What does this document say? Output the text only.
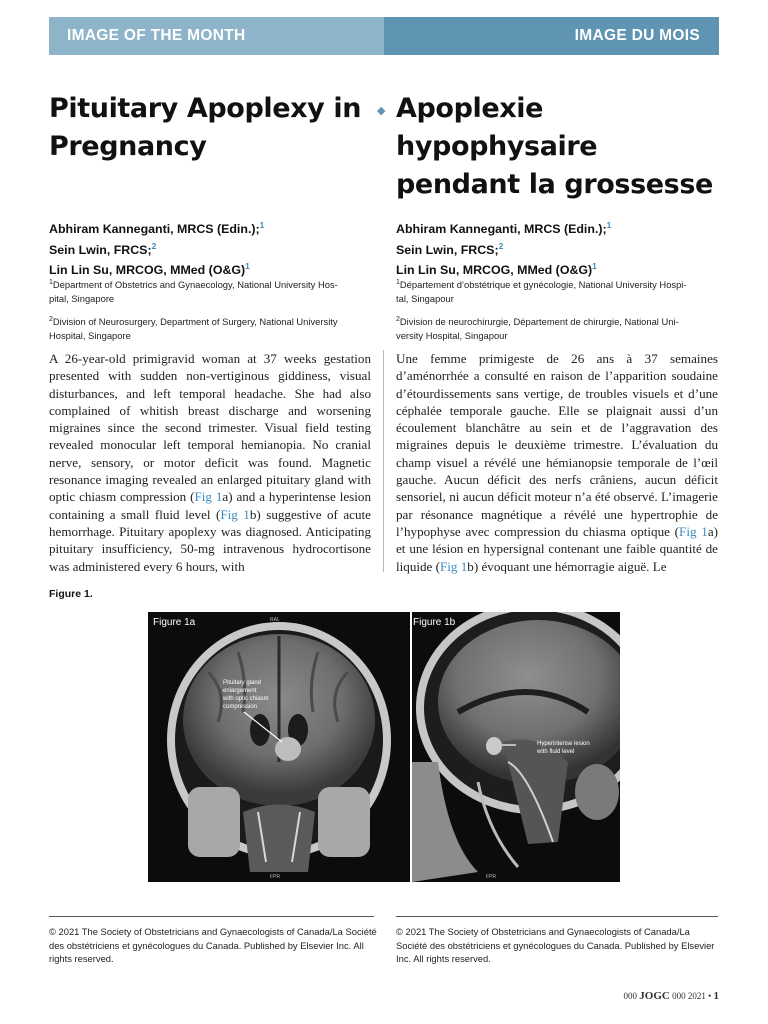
IMAGE OF THE MONTH	IMAGE DU MOIS
Pituitary Apoplexy in
Pregnancy
◆ Apoplexie
hypophysaire
pendant la grossesse
Abhiram Kanneganti, MRCS (Edin.);$^1$
Sein Lwin, FRCS;$^2$
Lin Lin Su, MRCOG, MMed (O&G)$^1$
Abhiram Kanneganti, MRCS (Edin.);$^1$
Sein Lwin, FRCS;$^2$
Lin Lin Su, MRCOG, MMed (O&G)$^1$

$^1$Department of Obstetrics and Gynaecology, National University Hos-
pital, Singapore

$^2$Division of Neurosurgery, Department of Surgery, National University
Hospital, Singapore

$^1$Département d’obstétrique et gynécologie, National University Hospi-
tal, Singapour

$^2$Division de neurochirurgie, Département de chirurgie, National Uni-
versity Hospital, Singapour

A 26-year-old primigravid woman at 37 weeks gestation presented with sudden non-vertiginous giddiness, visual disturbances, and left temporal headache. She had also complained of whitish breast discharge and worsening migraines since the second trimester. Visual field testing revealed monocular left temporal hemianopia. No cranial nerve, sensory, or motor deficit was found. Magnetic resonance imaging revealed an enlarged pituitary gland with optic chiasm compression (Fig 1a) and a hyperintense lesion containing a small fluid level (Fig 1b) suggestive of acute hemorrhage. Pituitary apoplexy was diagnosed. Anticipating pituitary insufficiency, 50-mg intravenous hydrocortisone was administered every 6 hours, with
Une femme primigeste de 26 ans à 37 semaines d’aménorrhée a consulté en raison de l’apparition soudaine d’étourdissements sans vertige, de troubles visuels et d’une céphalée temporale gauche. Elle se plaignait aussi d’un écoulement blanchâtre au sein et de l’aggravation des migraines depuis le deuxième trimestre. L’évaluation du champ visuel a révélé une hémianopsie temporale de l’œil gauche. Aucun déficit des nerfs crâniens, aucun déficit sensoriel, ni aucun déficit moteur n’a été observé. L’imagerie par résonance magnétique a révélé une hypertrophie de l’hypophyse avec compression du chiasma optique (Fig 1a) et une lésion en hypersignal contenant une faible quantité de liquide (Fig 1b) évoquant une hémorragie aiguë. Le
Figure 1.
RAL
FPR	FPR
Figure 1a	Figure 1b
Pituitary gland
enlargement
with optic chiasm
compression
Hyperintense lesion
with fluid level
© 2021 The Society of Obstetricians and Gynaecologists of Canada/La Société des obstétriciens et gynécologues du Canada. Published by Elsevier Inc. All rights reserved.
© 2021 The Society of Obstetricians and Gynaecologists of Canada/La Société des obstétriciens et gynécologues du Canada. Published by Elsevier Inc. All rights reserved.
000 JOGC 000 2021 • 1
